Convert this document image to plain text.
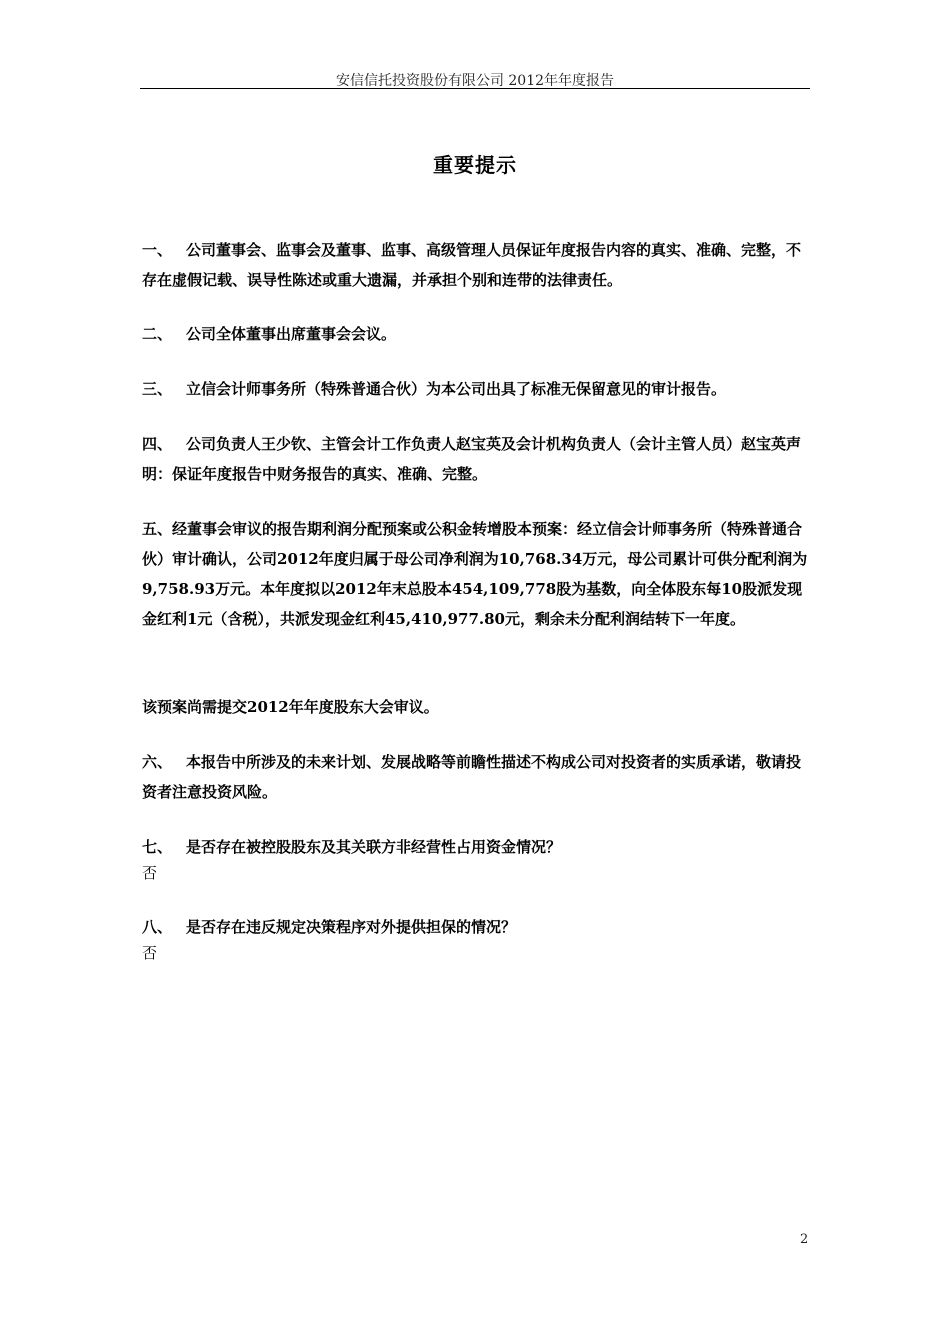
安信信托投资股份有限公司 2012年年度报告
重要提示
一、 公司董事会、监事会及董事、监事、高级管理人员保证年度报告内容的真实、准确、完整，不存在虚假记载、误导性陈述或重大遗漏，并承担个别和连带的法律责任。
二、 公司全体董事出席董事会会议。
三、 立信会计师事务所（特殊普通合伙）为本公司出具了标准无保留意见的审计报告。
四、 公司负责人王少钦、主管会计工作负责人赵宝英及会计机构负责人（会计主管人员）赵宝英声明：保证年度报告中财务报告的真实、准确、完整。
五、经董事会审议的报告期利润分配预案或公积金转增股本预案：经立信会计师事务所（特殊普通合伙）审计确认，公司2012年度归属于母公司净利润为10,768.34万元，母公司累计可供分配利润为9,758.93万元。本年度拟以2012年末总股本454,109,778股为基数，向全体股东每10股派发现金红利1元（含税），共派发现金红利45,410,977.80元，剩余未分配利润结转下一年度。
该预案尚需提交2012年年度股东大会审议。
六、 本报告中所涉及的未来计划、发展战略等前瞻性描述不构成公司对投资者的实质承诺，敬请投资者注意投资风险。
七、 是否存在被控股股东及其关联方非经营性占用资金情况？
否
八、 是否存在违反规定决策程序对外提供担保的情况？
否
2
